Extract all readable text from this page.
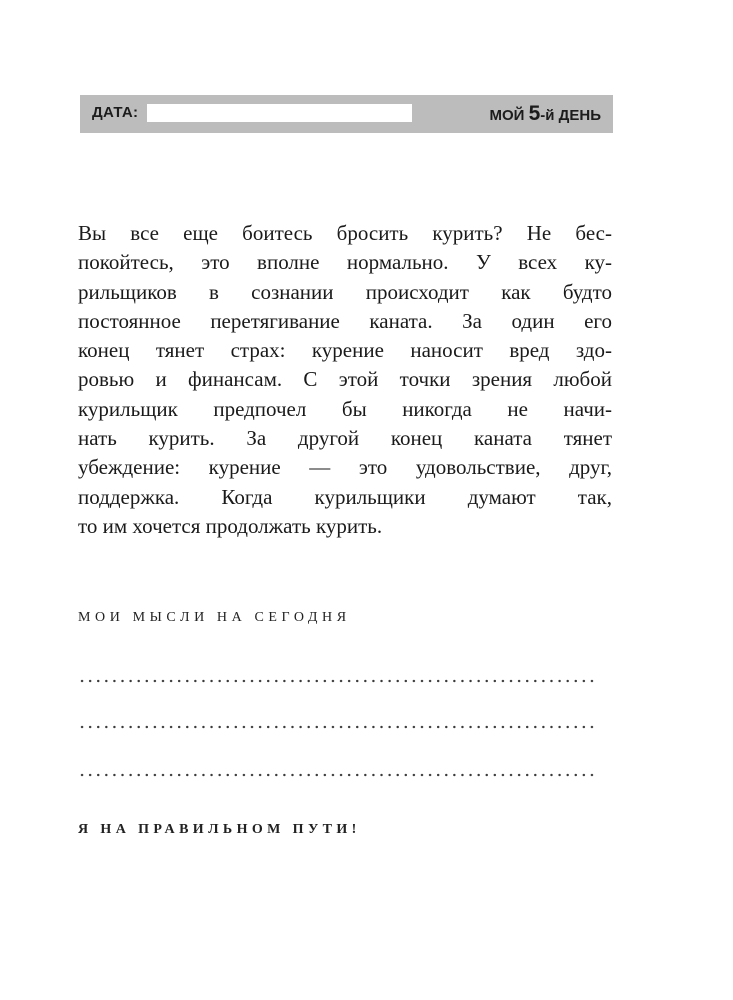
ДАТА:	МОЙ 5-й ДЕНЬ
Вы все еще боитесь бросить курить? Не бес-
покойтесь, это вполне нормально. У всех ку-
рильщиков в сознании происходит как будто
постоянное перетягивание каната. За один его
конец тянет страх: курение наносит вред здо-
ровью и финансам. С этой точки зрения любой
курильщик предпочел бы никогда не начи-
нать курить. За другой конец каната тянет
убеждение: курение — это удовольствие, друг,
поддержка. Когда курильщики думают так,
то им хочется продолжать курить.
МОИ МЫСЛИ НА СЕГОДНЯ
Я НА ПРАВИЛЬНОМ ПУТИ!
